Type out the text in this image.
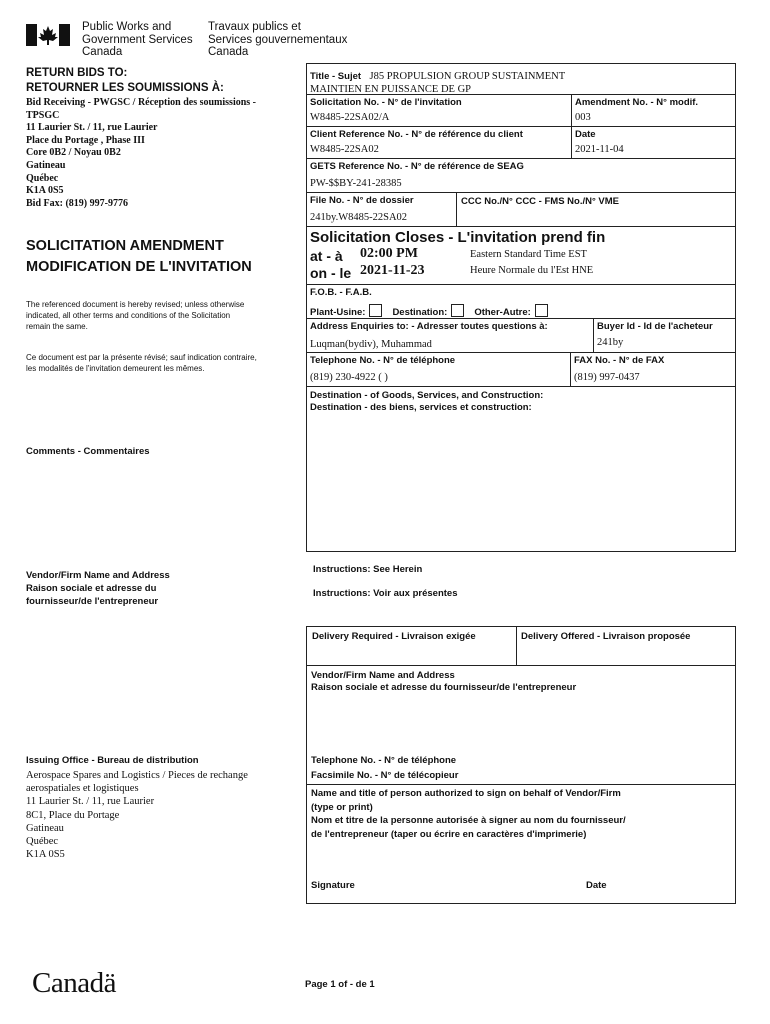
Public Works and
Government Services
Canada
Travaux publics et
Services gouvernementaux
Canada
RETURN BIDS TO:
RETOURNER LES SOUMISSIONS À:
Bid Receiving - PWGSC / Réception des soumissions -
TPSGC
11 Laurier St. / 11, rue Laurier
Place du Portage , Phase III
Core 0B2 / Noyau 0B2
Gatineau
Québec
K1A 0S5
Bid Fax: (819) 997-9776
SOLICITATION AMENDMENT
MODIFICATION DE L'INVITATION
The referenced document is hereby revised; unless otherwise
indicated, all other terms and conditions of the Solicitation
remain the same.
Ce document est par la présente révisé; sauf indication contraire,
les modalités de l'invitation demeurent les mêmes.
Comments - Commentaires
Vendor/Firm Name and Address
Raison sociale et adresse du
fournisseur/de l'entrepreneur
Issuing Office - Bureau de distribution
Aerospace Spares and Logistics / Pieces de rechange
aerospatiales et logistiques
11 Laurier St. / 11, rue Laurier
8C1, Place du Portage
Gatineau
Québec
K1A 0S5
Title - Sujet J85 PROPULSION GROUP SUSTAINMENT
MAINTIEN EN PUISSANCE DE GP
Solicitation No. - N° de l'invitation
W8485-22SA02/A
Amendment No. - N° modif.
003
Client Reference No. - N° de référence du client
W8485-22SA02
Date
2021-11-04
GETS Reference No. - N° de référence de SEAG
PW-$$BY-241-28385
File No. - N° de dossier
241by.W8485-22SA02
CCC No./N° CCC - FMS No./N° VME
Solicitation Closes - L'invitation prend fin
at - à 02:00 PM	Eastern Standard Time EST
on - le 2021-11-23	Heure Normale du l'Est HNE
F.O.B. - F.A.B.
Plant-Usine:	Destination:	Other-Autre:
Address Enquiries to: - Adresser toutes questions à:
Luqman(bydiv), Muhammad
Buyer Id - Id de l'acheteur
241by
Telephone No. - N° de téléphone
(819) 230-4922 ( )
FAX No. - N° de FAX
(819) 997-0437
Destination - of Goods, Services, and Construction:
Destination - des biens, services et construction:
Instructions: See Herein
Instructions: Voir aux présentes
Delivery Required - Livraison exigée	Delivery Offered - Livraison proposée
Vendor/Firm Name and Address
Raison sociale et adresse du fournisseur/de l'entrepreneur
Telephone No. - N° de téléphone
Facsimile No. - N° de télécopieur
Name and title of person authorized to sign on behalf of Vendor/Firm
(type or print)
Nom et titre de la personne autorisée à signer au nom du fournisseur/
de l'entrepreneur (taper ou écrire en caractères d'imprimerie)
Signature	Date
Canadä	Page 1 of - de 1
